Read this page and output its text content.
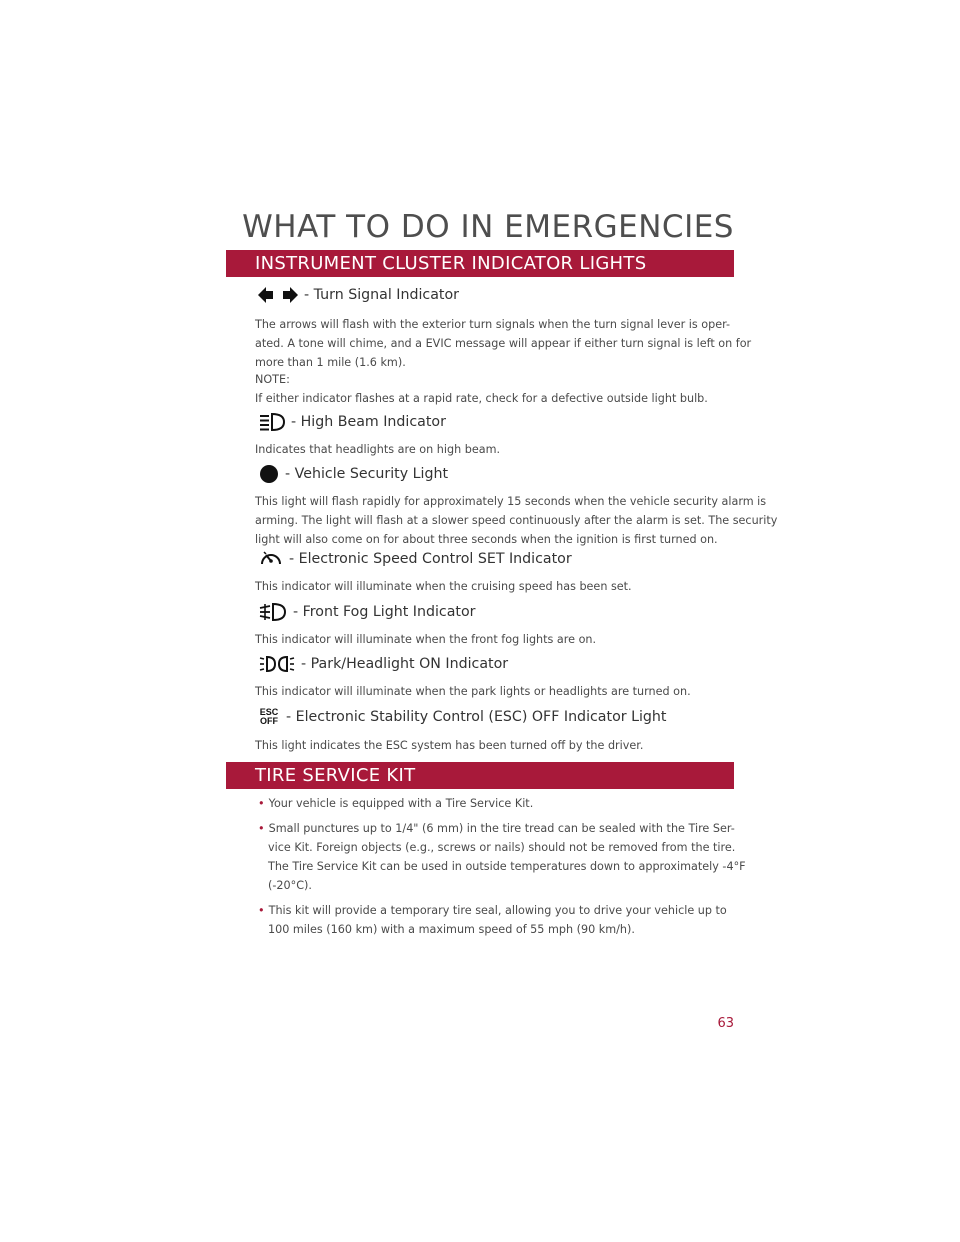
WHAT TO DO IN EMERGENCIES
INSTRUMENT CLUSTER INDICATOR LIGHTS
- Turn Signal Indicator

The arrows will flash with the exterior turn signals when the turn signal lever is oper-

ated. A tone will chime, and a EVIC message will appear if either turn signal is left on for

more than 1 mile (1.6 km).

NOTE:
If either indicator flashes at a rapid rate, check for a defective outside light bulb.
- High Beam Indicator
Indicates that headlights are on high beam.
- Vehicle Security Light

This light will flash rapidly for approximately 15 seconds when the vehicle security alarm is

arming. The light will flash at a slower speed continuously after the alarm is set. The security

light will also come on for about three seconds when the ignition is first turned on.

- Electronic Speed Control SET Indicator
This indicator will illuminate when the cruising speed has been set.
- Front Fog Light Indicator
This indicator will illuminate when the front fog lights are on.
- Park/Headlight ON Indicator
This indicator will illuminate when the park lights or headlights are turned on.
ESC
OFF - Electronic Stability Control (ESC) OFF Indicator Light
This light indicates the ESC system has been turned off by the driver.
TIRE SERVICE KIT
• Your vehicle is equipped with a Tire Service Kit.
• Small punctures up to 1/4" (6 mm) in the tire tread can be sealed with the Tire Ser-
vice Kit. Foreign objects (e.g., screws or nails) should not be removed from the tire.
The Tire Service Kit can be used in outside temperatures down to approximately -4°F
(-20°C).
• This kit will provide a temporary tire seal, allowing you to drive your vehicle up to
100 miles (160 km) with a maximum speed of 55 mph (90 km/h).
63
